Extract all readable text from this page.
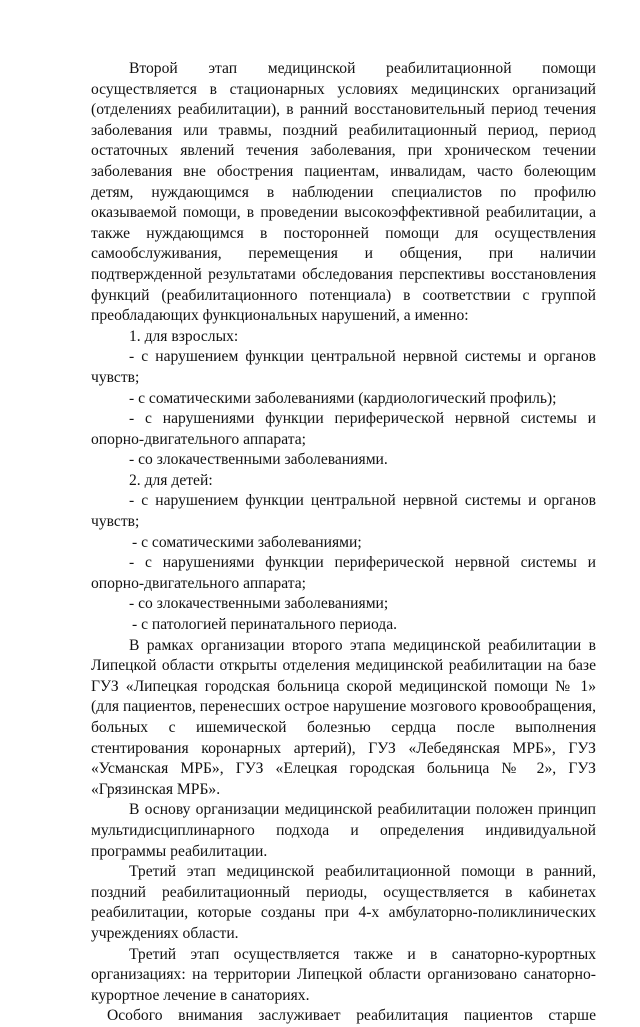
Второй этап медицинской реабилитационной помощи осуществляется в стационарных условиях медицинских организаций (отделениях реабилитации), в ранний восстановительный период течения заболевания или травмы, поздний реабилитационный период, период остаточных явлений течения заболевания, при хроническом течении заболевания вне обострения пациентам, инвалидам, часто болеющим детям, нуждающимся в наблюдении специалистов по профилю оказываемой помощи, в проведении высокоэффективной реабилитации, а также нуждающимся в посторонней помощи для осуществления самообслуживания, перемещения и общения, при наличии подтвержденной результатами обследования перспективы восстановления функций (реабилитационного потенциала) в соответствии с группой преобладающих функциональных нарушений, а именно:

1. для взрослых:

- с нарушением функции центральной нервной системы и органов чувств;

- с соматическими заболеваниями (кардиологический профиль);

- с нарушениями функции периферической нервной системы и опорно-двигательного аппарата;

- со злокачественными заболеваниями.

2. для детей:

- с нарушением функции центральной нервной системы и органов чувств;

- с соматическими заболеваниями;

- с нарушениями функции периферической нервной системы и опорно-двигательного аппарата;

- со злокачественными заболеваниями;

- с патологией перинатального периода.

В рамках организации второго этапа медицинской реабилитации в Липецкой области открыты отделения медицинской реабилитации на базе ГУЗ «Липецкая городская больница скорой медицинской помощи № 1» (для пациентов, перенесших острое нарушение мозгового кровообращения, больных с ишемической болезнью сердца после выполнения стентирования коронарных артерий), ГУЗ «Лебедянская МРБ», ГУЗ «Усманская МРБ», ГУЗ «Елецкая городская больница № 2», ГУЗ «Грязинская МРБ».

В основу организации медицинской реабилитации положен принцип мультидисциплинарного подхода и определения индивидуальной программы реабилитации.

Третий этап медицинской реабилитационной помощи в ранний, поздний реабилитационный периоды, осуществляется в кабинетах реабилитации, которые созданы при 4-х амбулаторно-поликлинических учреждениях области.

Третий этап осуществляется также и в санаторно-курортных организациях: на территории Липецкой области организовано санаторно-курортное лечение в санаториях.

Особого внимания заслуживает реабилитация пациентов старше
